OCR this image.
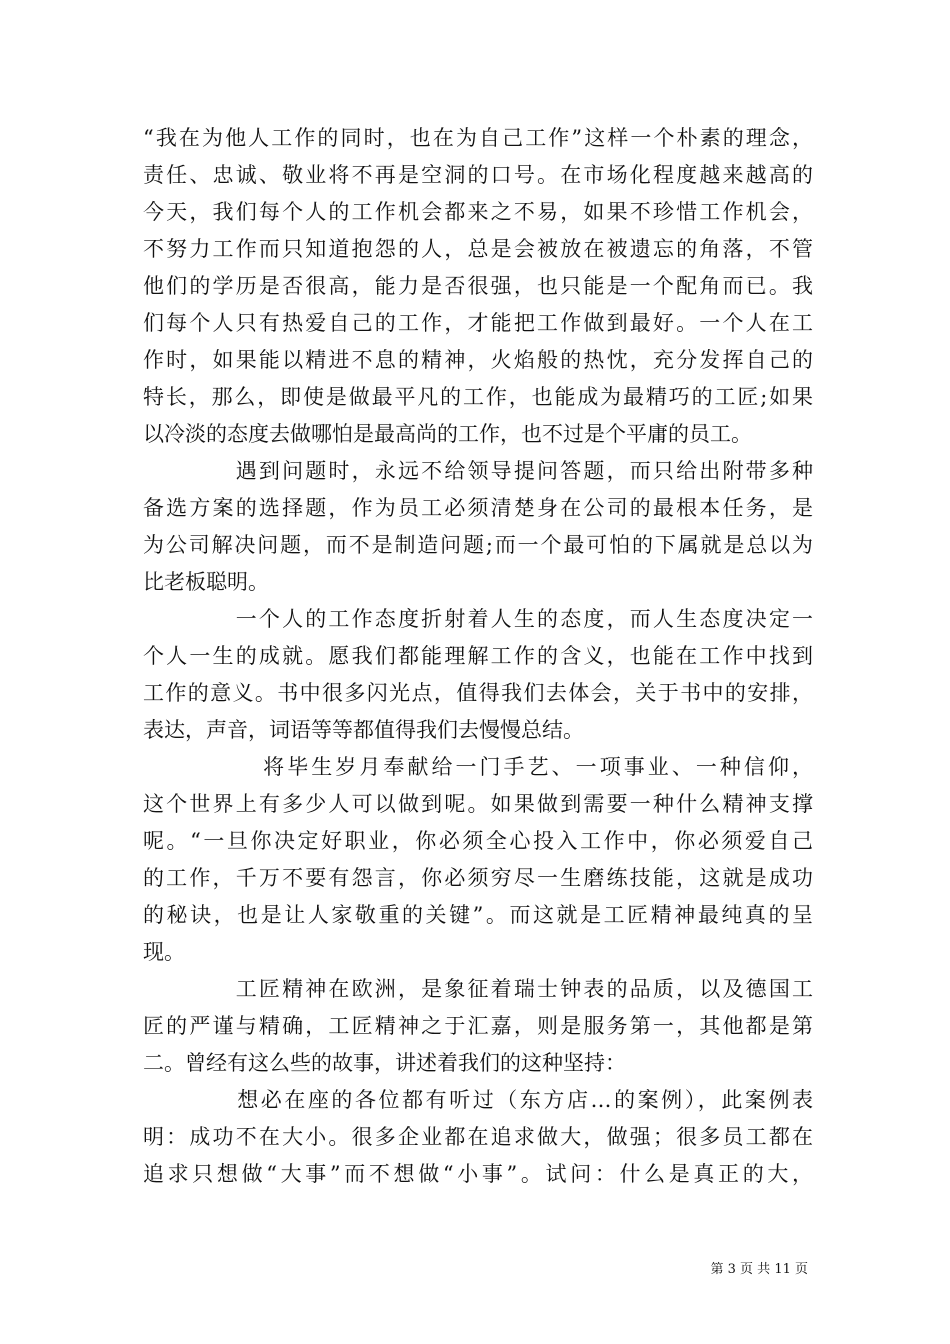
“我在为他人工作的同时，也在为自己工作”这样一个朴素的理念，
责任、忠诚、敬业将不再是空洞的口号。在市场化程度越来越高的
今天，我们每个人的工作机会都来之不易，如果不珍惜工作机会，
不努力工作而只知道抱怨的人，总是会被放在被遗忘的角落，不管
他们的学历是否很高，能力是否很强，也只能是一个配角而已。我
们每个人只有热爱自己的工作，才能把工作做到最好。一个人在工
作时，如果能以精进不息的精神，火焰般的热忱，充分发挥自己的
特长，那么，即使是做最平凡的工作，也能成为最精巧的工匠;如果
以冷淡的态度去做哪怕是最高尚的工作，也不过是个平庸的员工。
　　　　遇到问题时，永远不给领导提问答题，而只给出附带多种
备选方案的选择题，作为员工必须清楚身在公司的最根本任务，是
为公司解决问题，而不是制造问题;而一个最可怕的下属就是总以为
比老板聪明。
　　　　一个人的工作态度折射着人生的态度，而人生态度决定一
个人一生的成就。愿我们都能理解工作的含义，也能在工作中找到
工作的意义。书中很多闪光点，值得我们去体会，关于书中的安排，
表达，声音，词语等等都值得我们去慢慢总结。
　　　　　将毕生岁月奉献给一门手艺、一项事业、一种信仰，
这个世界上有多少人可以做到呢。如果做到需要一种什么精神支撑
呢。“一旦你决定好职业，你必须全心投入工作中，你必须爱自己
的工作，千万不要有怨言，你必须穷尽一生磨练技能，这就是成功
的秘诀，也是让人家敬重的关键”。而这就是工匠精神最纯真的呈
现。
　　　　工匠精神在欧洲，是象征着瑞士钟表的品质，以及德国工
匠的严谨与精确，工匠精神之于汇嘉，则是服务第一，其他都是第
二。曾经有这么些的故事，讲述着我们的这种坚持：
　　　　想必在座的各位都有听过（东方店…的案例），此案例表
明：成功不在大小。很多企业都在追求做大，做强；很多员工都在
追求只想做“大事”而不想做“小事”。试问：什么是真正的大，
第 3 页 共 11 页
